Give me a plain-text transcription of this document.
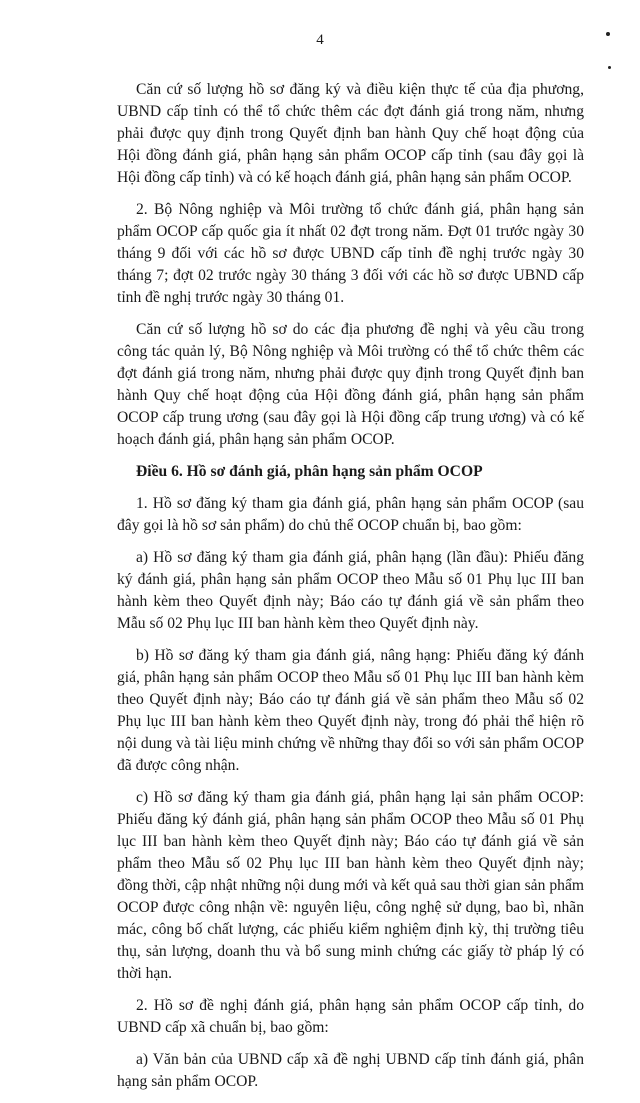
4

Căn cứ số lượng hồ sơ đăng ký và điều kiện thực tế của địa phương, UBND cấp tỉnh có thể tổ chức thêm các đợt đánh giá trong năm, nhưng phải được quy định trong Quyết định ban hành Quy chế hoạt động của Hội đồng đánh giá, phân hạng sản phẩm OCOP cấp tỉnh (sau đây gọi là Hội đồng cấp tỉnh) và có kế hoạch đánh giá, phân hạng sản phẩm OCOP.

2. Bộ Nông nghiệp và Môi trường tổ chức đánh giá, phân hạng sản phẩm OCOP cấp quốc gia ít nhất 02 đợt trong năm. Đợt 01 trước ngày 30 tháng 9 đối với các hồ sơ được UBND cấp tỉnh đề nghị trước ngày 30 tháng 7; đợt 02 trước ngày 30 tháng 3 đối với các hồ sơ được UBND cấp tỉnh đề nghị trước ngày 30 tháng 01.

Căn cứ số lượng hồ sơ do các địa phương đề nghị và yêu cầu trong công tác quản lý, Bộ Nông nghiệp và Môi trường có thể tổ chức thêm các đợt đánh giá trong năm, nhưng phải được quy định trong Quyết định ban hành Quy chế hoạt động của Hội đồng đánh giá, phân hạng sản phẩm OCOP cấp trung ương (sau đây gọi là Hội đồng cấp trung ương) và có kế hoạch đánh giá, phân hạng sản phẩm OCOP.

Điều 6. Hồ sơ đánh giá, phân hạng sản phẩm OCOP

1. Hồ sơ đăng ký tham gia đánh giá, phân hạng sản phẩm OCOP (sau đây gọi là hồ sơ sản phẩm) do chủ thể OCOP chuẩn bị, bao gồm:

a) Hồ sơ đăng ký tham gia đánh giá, phân hạng (lần đầu): Phiếu đăng ký đánh giá, phân hạng sản phẩm OCOP theo Mẫu số 01 Phụ lục III ban hành kèm theo Quyết định này; Báo cáo tự đánh giá về sản phẩm theo Mẫu số 02 Phụ lục III ban hành kèm theo Quyết định này.

b) Hồ sơ đăng ký tham gia đánh giá, nâng hạng: Phiếu đăng ký đánh giá, phân hạng sản phẩm OCOP theo Mẫu số 01 Phụ lục III ban hành kèm theo Quyết định này; Báo cáo tự đánh giá về sản phẩm theo Mẫu số 02 Phụ lục III ban hành kèm theo Quyết định này, trong đó phải thể hiện rõ nội dung và tài liệu minh chứng về những thay đổi so với sản phẩm OCOP đã được công nhận.

c) Hồ sơ đăng ký tham gia đánh giá, phân hạng lại sản phẩm OCOP: Phiếu đăng ký đánh giá, phân hạng sản phẩm OCOP theo Mẫu số 01 Phụ lục III ban hành kèm theo Quyết định này; Báo cáo tự đánh giá về sản phẩm theo Mẫu số 02 Phụ lục III ban hành kèm theo Quyết định này; đồng thời, cập nhật những nội dung mới và kết quả sau thời gian sản phẩm OCOP được công nhận về: nguyên liệu, công nghệ sử dụng, bao bì, nhãn mác, công bố chất lượng, các phiếu kiểm nghiệm định kỳ, thị trường tiêu thụ, sản lượng, doanh thu và bổ sung minh chứng các giấy tờ pháp lý có thời hạn.

2. Hồ sơ đề nghị đánh giá, phân hạng sản phẩm OCOP cấp tỉnh, do UBND cấp xã chuẩn bị, bao gồm:

a) Văn bản của UBND cấp xã đề nghị UBND cấp tỉnh đánh giá, phân hạng sản phẩm OCOP.
